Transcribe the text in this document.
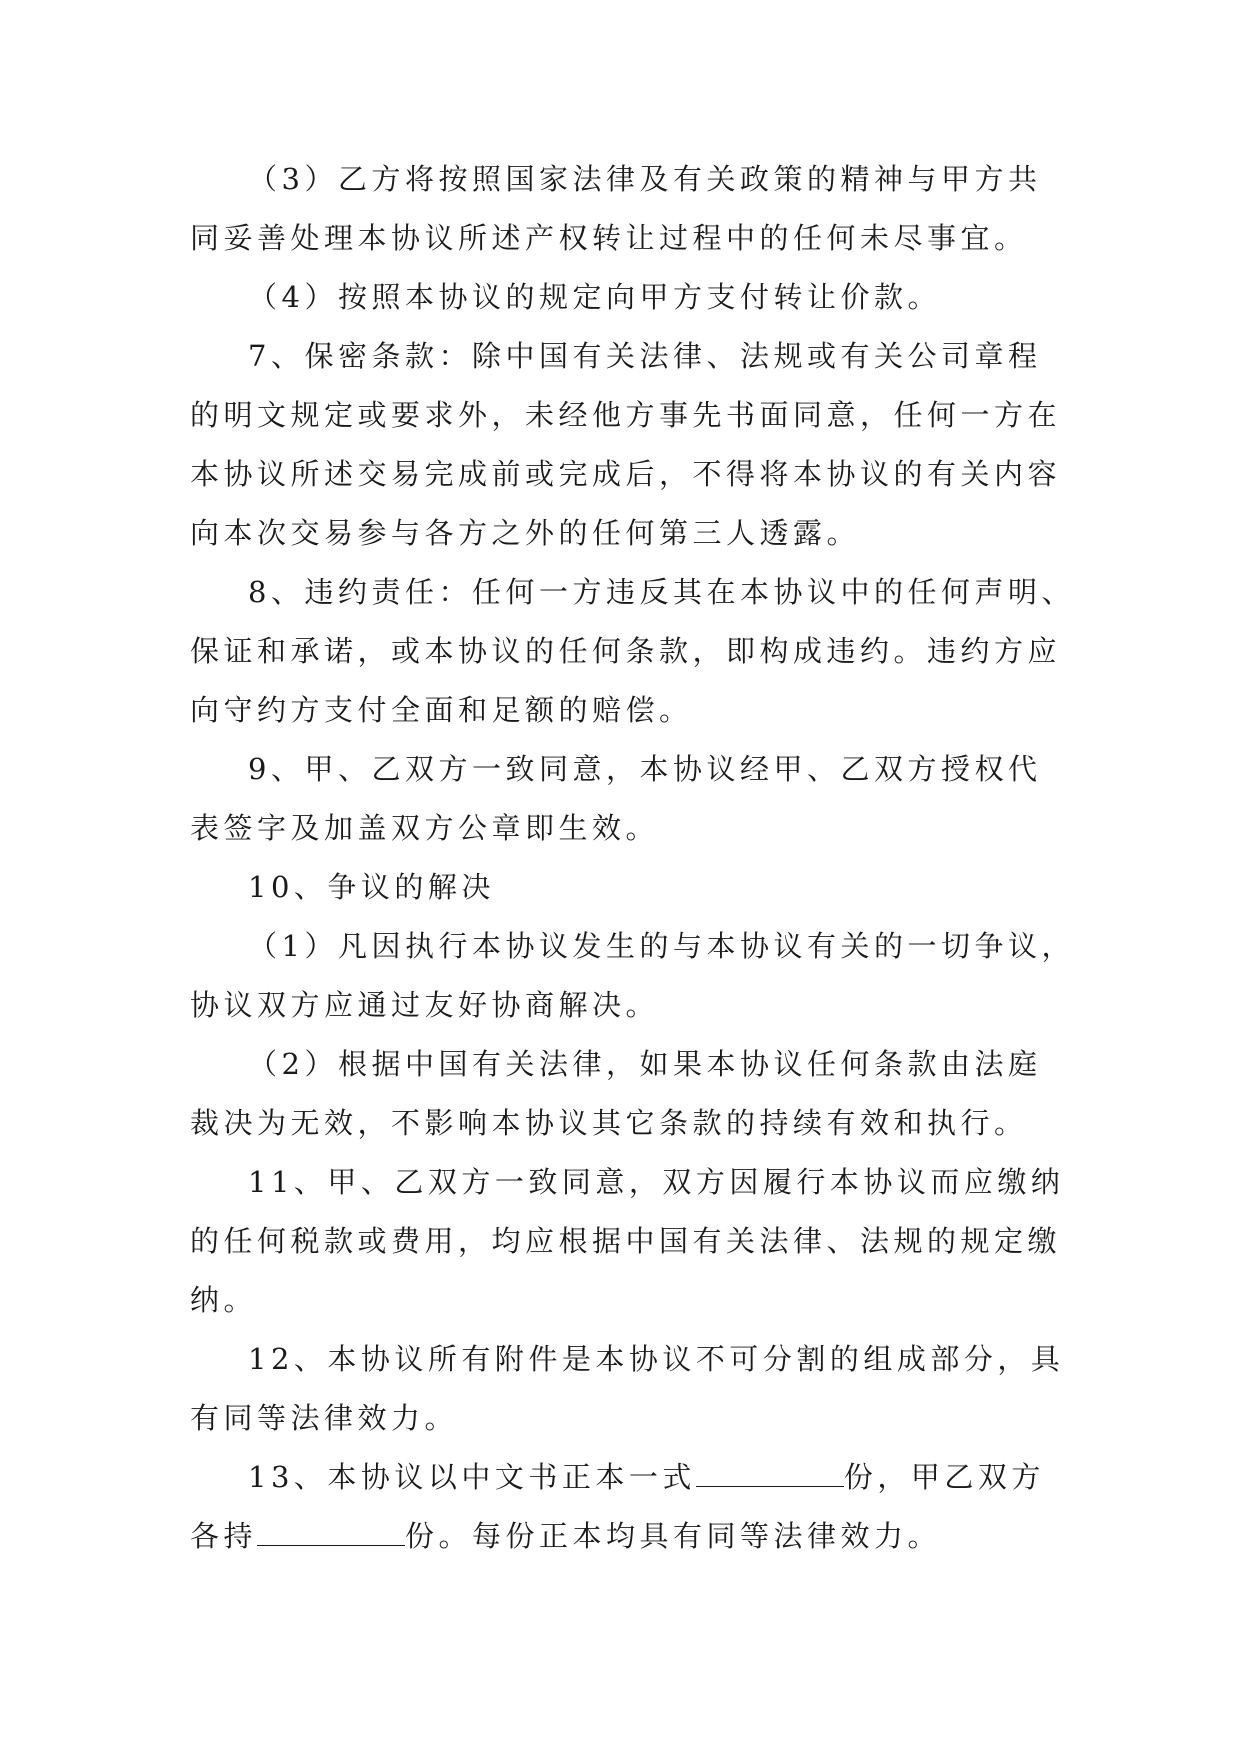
（3）乙方将按照国家法律及有关政策的精神与甲方共
同妥善处理本协议所述产权转让过程中的任何未尽事宜。
（4）按照本协议的规定向甲方支付转让价款。
7、保密条款：除中国有关法律、法规或有关公司章程
的明文规定或要求外，未经他方事先书面同意，任何一方在
本协议所述交易完成前或完成后，不得将本协议的有关内容
向本次交易参与各方之外的任何第三人透露。
8、违约责任：任何一方违反其在本协议中的任何声明、
保证和承诺，或本协议的任何条款，即构成违约。违约方应
向守约方支付全面和足额的赔偿。
9、甲、乙双方一致同意，本协议经甲、乙双方授权代
表签字及加盖双方公章即生效。
10、争议的解决
（1）凡因执行本协议发生的与本协议有关的一切争议，
协议双方应通过友好协商解决。
（2）根据中国有关法律，如果本协议任何条款由法庭
裁决为无效，不影响本协议其它条款的持续有效和执行。
11、甲、乙双方一致同意，双方因履行本协议而应缴纳
的任何税款或费用，均应根据中国有关法律、法规的规定缴
纳。
12、本协议所有附件是本协议不可分割的组成部分，具
有同等法律效力。
13、本协议以中文书正本一式	份，甲乙双方
各持	份。每份正本均具有同等法律效力。
